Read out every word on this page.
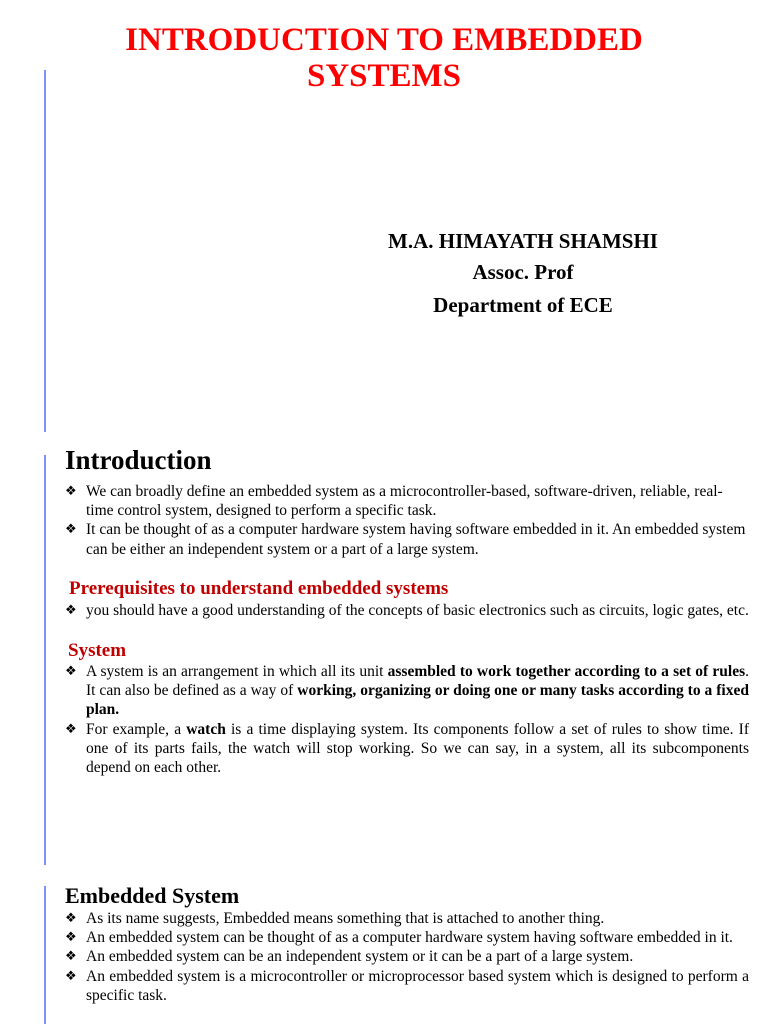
INTRODUCTION TO EMBEDDED
SYSTEMS
M.A. HIMAYATH SHAMSHI
Assoc. Prof
Department of ECE
Introduction
❖ We can broadly define an embedded system as a microcontroller-based, software-driven, reliable, real-time control system, designed to perform a specific task.
❖ It can be thought of as a computer hardware system having software embedded in it. An embedded system can be either an independent system or a part of a large system.
Prerequisites to understand embedded systems
❖ you should have a good understanding of the concepts of basic electronics such as circuits, logic gates, etc.
System
❖ A system is an arrangement in which all its unit assembled to work together according to a set of rules. It can also be defined as a way of working, organizing or doing one or many tasks according to a fixed plan.
❖ For example, a watch is a time displaying system. Its components follow a set of rules to show time. If one of its parts fails, the watch will stop working. So we can say, in a system, all its subcomponents depend on each other.
Embedded System
❖ As its name suggests, Embedded means something that is attached to another thing.
❖ An embedded system can be thought of as a computer hardware system having software embedded in it.
❖ An embedded system can be an independent system or it can be a part of a large system.
❖ An embedded system is a microcontroller or microprocessor based system which is designed to perform a specific task.
